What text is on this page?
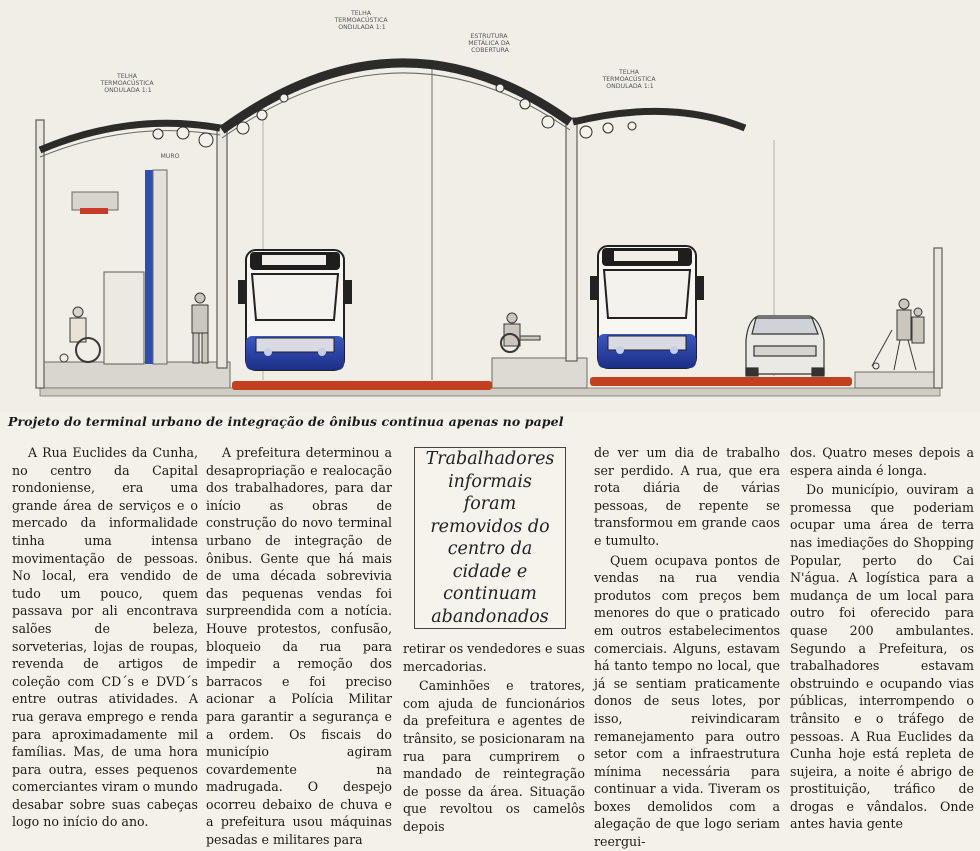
TELHA TERMOACÚSTICA ONDULADA 1:1
TELHA TERMOACÚSTICA ONDULADA 1:1
ESTRUTURA METÁLICA DA COBERTURA
TELHA TERMOACÚSTICA ONDULADA 1:1
MURO
Projeto do terminal urbano de integração de ônibus continua apenas no papel
Trabalhadores informais foram removidos do centro da cidade e continuam abandonados

A Rua Euclides da Cunha, no centro da Capital rondoniense, era uma grande área de serviços e o mercado da informalidade tinha uma intensa movimentação de pessoas. No local, era vendido de tudo um pouco, quem passava por ali encontrava salões de beleza, sorveterias, lojas de roupas, revenda de artigos de coleção com CD´s e DVD´s entre outras atividades. A rua gerava emprego e renda para aproximadamente mil famílias. Mas, de uma hora para outra, esses pequenos comerciantes viram o mundo desabar sobre suas cabeças logo no início do ano.

A prefeitura determinou a desapropriação e realocação dos trabalhadores, para dar início as obras de construção do novo terminal urbano de integração de ônibus. Gente que há mais de uma década sobrevivia das pequenas vendas foi surpreendida com a notícia. Houve protestos, confusão, bloqueio da rua para impedir a remoção dos barracos e foi preciso acionar a Polícia Militar para garantir a segurança e a ordem. Os fiscais do município agiram covardemente na madrugada. O despejo ocorreu debaixo de chuva e a prefeitura usou máquinas pesadas e militares para

retirar os vendedores e suas mercadorias.

Caminhões e tratores, com ajuda de funcionários da prefeitura e agentes de trânsito, se posicionaram na rua para cumprirem o mandado de reintegração de posse da área. Situação que revoltou os camelôs depois

de ver um dia de trabalho ser perdido. A rua, que era rota diária de várias pessoas, de repente se transformou em grande caos e tumulto.

Quem ocupava pontos de vendas na rua vendia produtos com preços bem menores do que o praticado em outros estabelecimentos comerciais. Alguns, estavam há tanto tempo no local, que já se sentiam praticamente donos de seus lotes, por isso, reivindicaram remanejamento para outro setor com a infraestrutura mínima necessária para continuar a vida. Tiveram os boxes demolidos com a alegação de que logo seriam reergui-

dos. Quatro meses depois a espera ainda é longa.

Do município, ouviram a promessa que poderiam ocupar uma área de terra nas imediações do Shopping Popular, perto do Cai N'água. A logística para a mudança de um local para outro foi oferecido para quase 200 ambulantes. Segundo a Prefeitura, os trabalhadores estavam obstruindo e ocupando vias públicas, interrompendo o trânsito e o tráfego de pessoas. A Rua Euclides da Cunha hoje está repleta de sujeira, a noite é abrigo de prostituição, tráfico de drogas e vândalos. Onde antes havia gente
